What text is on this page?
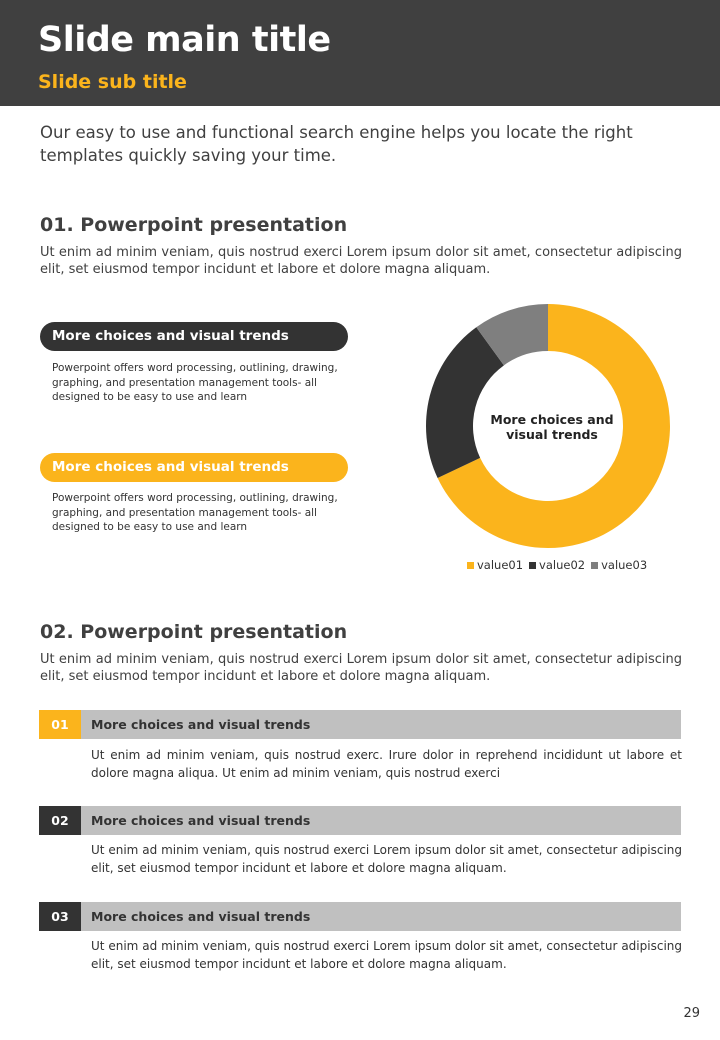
Slide main title
Slide sub title
Our easy to use and functional search engine helps you locate the right templates quickly saving your time.
01. Powerpoint presentation
Ut enim ad minim veniam, quis nostrud exerci Lorem ipsum dolor sit amet, consectetur adipiscing elit, set eiusmod tempor incidunt et labore et dolore magna aliquam.
More choices and visual trends
Powerpoint offers word processing, outlining, drawing, graphing, and presentation management tools- all designed to be easy to use and learn
More choices and visual trends
Powerpoint offers word processing, outlining, drawing, graphing, and presentation management tools- all designed to be easy to use and learn
More choices and visual trends
value01 value02 value03
02. Powerpoint presentation
Ut enim ad minim veniam, quis nostrud exerci Lorem ipsum dolor sit amet, consectetur adipiscing elit, set eiusmod tempor incidunt et labore et dolore magna aliquam.
01	More choices and visual trends
Ut enim ad minim veniam, quis nostrud exerc. Irure dolor in reprehend incididunt ut labore et dolore magna aliqua. Ut enim ad minim veniam, quis nostrud exerci
02	More choices and visual trends
Ut enim ad minim veniam, quis nostrud exerci Lorem ipsum dolor sit amet, consectetur adipiscing elit, set eiusmod tempor incidunt et labore et dolore magna aliquam.
03	More choices and visual trends
Ut enim ad minim veniam, quis nostrud exerci Lorem ipsum dolor sit amet, consectetur adipiscing elit, set eiusmod tempor incidunt et labore et dolore magna aliquam.
29
